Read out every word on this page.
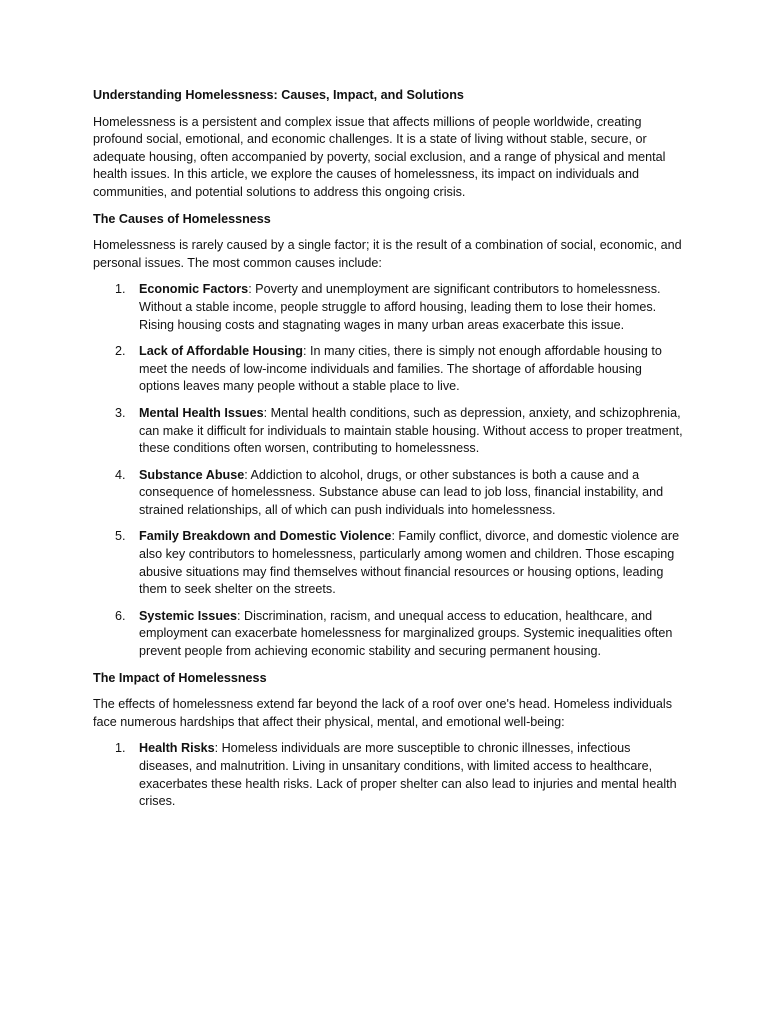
Understanding Homelessness: Causes, Impact, and Solutions

Homelessness is a persistent and complex issue that affects millions of people worldwide, creating profound social, emotional, and economic challenges. It is a state of living without stable, secure, or adequate housing, often accompanied by poverty, social exclusion, and a range of physical and mental health issues. In this article, we explore the causes of homelessness, its impact on individuals and communities, and potential solutions to address this ongoing crisis.

The Causes of Homelessness

Homelessness is rarely caused by a single factor; it is the result of a combination of social, economic, and personal issues. The most common causes include:

1. Economic Factors: Poverty and unemployment are significant contributors to homelessness. Without a stable income, people struggle to afford housing, leading them to lose their homes. Rising housing costs and stagnating wages in many urban areas exacerbate this issue.
2. Lack of Affordable Housing: In many cities, there is simply not enough affordable housing to meet the needs of low-income individuals and families. The shortage of affordable housing options leaves many people without a stable place to live.
3. Mental Health Issues: Mental health conditions, such as depression, anxiety, and schizophrenia, can make it difficult for individuals to maintain stable housing. Without access to proper treatment, these conditions often worsen, contributing to homelessness.
4. Substance Abuse: Addiction to alcohol, drugs, or other substances is both a cause and a consequence of homelessness. Substance abuse can lead to job loss, financial instability, and strained relationships, all of which can push individuals into homelessness.
5. Family Breakdown and Domestic Violence: Family conflict, divorce, and domestic violence are also key contributors to homelessness, particularly among women and children. Those escaping abusive situations may find themselves without financial resources or housing options, leading them to seek shelter on the streets.
6. Systemic Issues: Discrimination, racism, and unequal access to education, healthcare, and employment can exacerbate homelessness for marginalized groups. Systemic inequalities often prevent people from achieving economic stability and securing permanent housing.

The Impact of Homelessness

The effects of homelessness extend far beyond the lack of a roof over one's head. Homeless individuals face numerous hardships that affect their physical, mental, and emotional well-being:

1. Health Risks: Homeless individuals are more susceptible to chronic illnesses, infectious diseases, and malnutrition. Living in unsanitary conditions, with limited access to healthcare, exacerbates these health risks. Lack of proper shelter can also lead to injuries and mental health crises.
